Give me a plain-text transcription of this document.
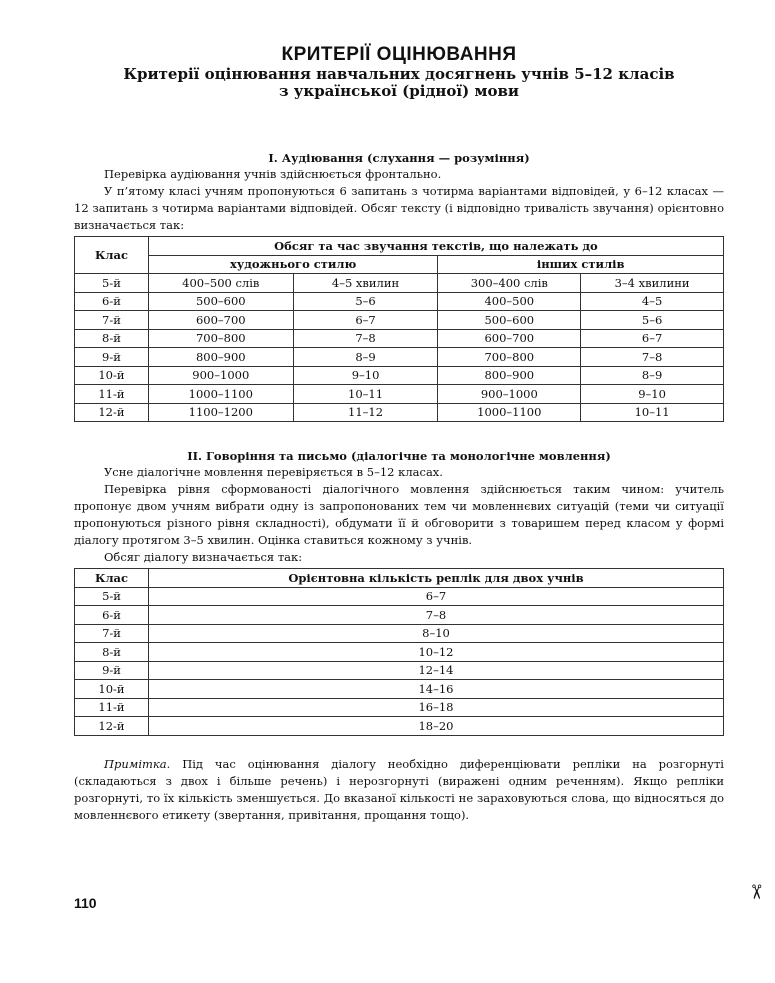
КРИТЕРІЇ ОЦІНЮВАННЯ
Критерії оцінювання навчальних досягнень учнів 5–12 класів
з української (рідної) мови
І. Аудіювання (слухання — розуміння)

Перевірка аудіювання учнів здійснюється фронтально.

У п’ятому класі учням пропонуються 6 запитань з чотирма варіантами відповідей, у 6–12 класах — 12 запитань з чотирма варіантами відповідей. Обсяг тексту (і відповідно тривалість звучання) орієнтовно визначається так:

Клас	Обсяг та час звучання текстів, що належать до			
	художнього стилю		інших стилів	
5-й	400–500 слів	4–5 хвилин	300–400 слів	3–4 хвилини
6-й	500–600	5–6	400–500	4–5
7-й	600–700	6–7	500–600	5–6
8-й	700–800	7–8	600–700	6–7
9-й	800–900	8–9	700–800	7–8
10-й	900–1000	9–10	800–900	8–9
11-й	1000–1100	10–11	900–1000	9–10
12-й	1100–1200	11–12	1000–1100	10–11
ІІ. Говоріння та письмо (діалогічне та монологічне мовлення)

Усне діалогічне мовлення перевіряється в 5–12 класах.

Перевірка рівня сформованості діалогічного мовлення здійснюється таким чином: учитель пропонує двом учням вибрати одну із запропонованих тем чи мовленнєвих ситуацій (теми чи ситуації пропонуються різного рівня складності), обдумати її й обговорити з товаришем перед класом у формі діалогу протягом 3–5 хвилин. Оцінка ставиться кожному з учнів.

Обсяг діалогу визначається так:

Клас	Орієнтовна кількість реплік для двох учнів
5-й	6–7
6-й	7–8
7-й	8–10
8-й	10–12
9-й	12–14
10-й	14–16
11-й	16–18
12-й	18–20

Примітка. Під час оцінювання діалогу необхідно диференціювати репліки на розгорнуті (складаються з двох і більше речень) і нерозгорнуті (виражені одним реченням). Якщо репліки розгорнуті, то їх кількість зменшується. До вказаної кількості не зараховуються слова, що відносяться до мовленнєвого етикету (звертання, привітання, прощання тощо).

110
✂
